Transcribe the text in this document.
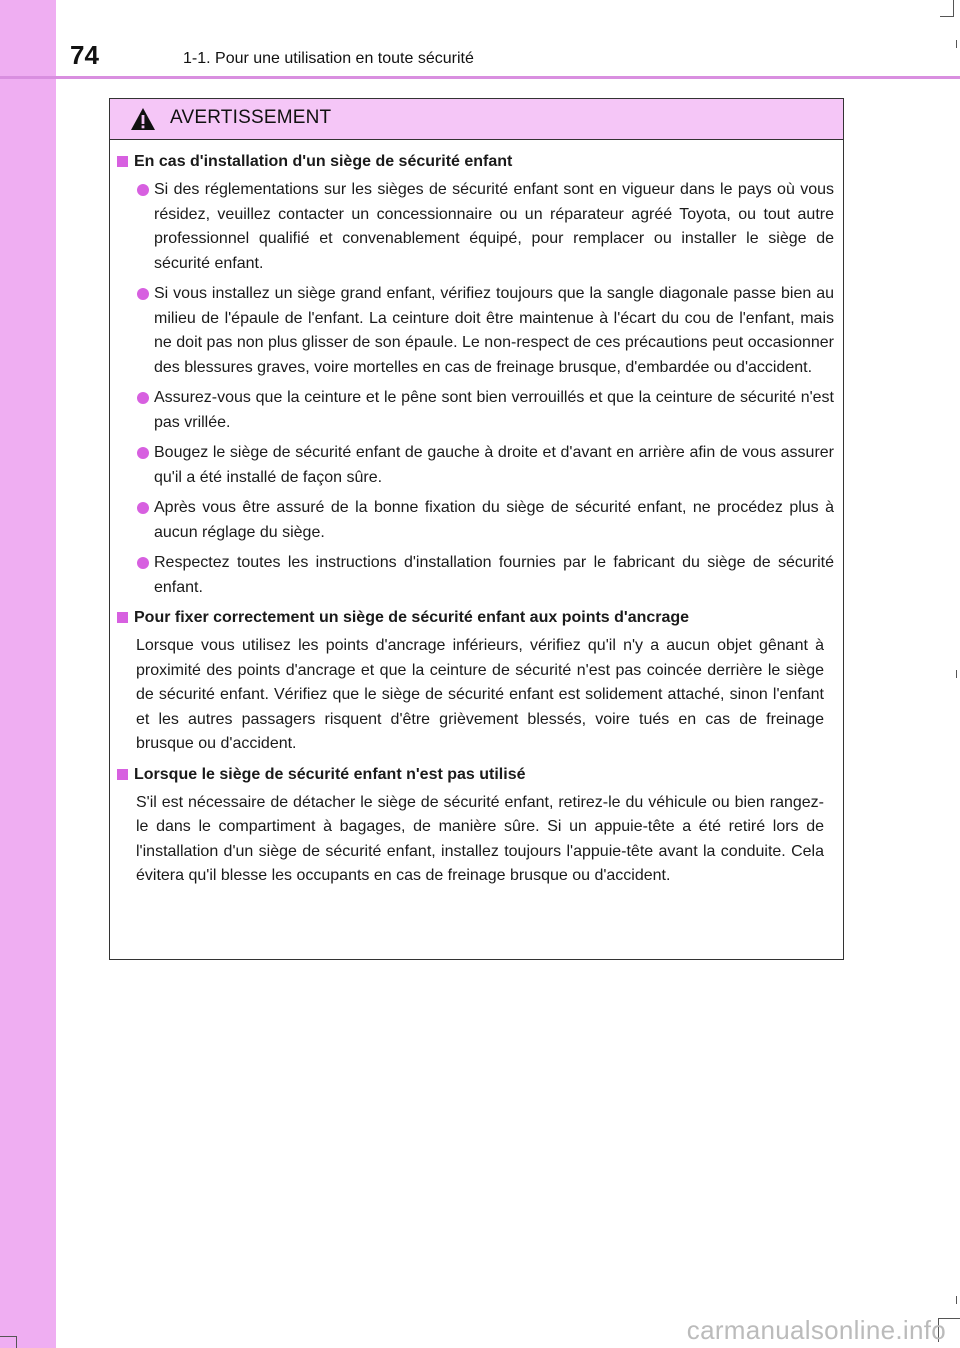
74	1-1. Pour une utilisation en toute sécurité
AVERTISSEMENT
En cas d'installation d'un siège de sécurité enfant
Si des réglementations sur les sièges de sécurité enfant sont en vigueur dans le pays où vous résidez, veuillez contacter un concessionnaire ou un réparateur agréé Toyota, ou tout autre professionnel qualifié et convenablement équipé, pour remplacer ou installer le siège de sécurité enfant.
Si vous installez un siège grand enfant, vérifiez toujours que la sangle diagonale passe bien au milieu de l'épaule de l'enfant. La ceinture doit être maintenue à l'écart du cou de l'enfant, mais ne doit pas non plus glisser de son épaule. Le non-respect de ces précautions peut occasionner des blessures graves, voire mortelles en cas de freinage brusque, d'embardée ou d'accident.
Assurez-vous que la ceinture et le pêne sont bien verrouillés et que la ceinture de sécurité n'est pas vrillée.
Bougez le siège de sécurité enfant de gauche à droite et d'avant en arrière afin de vous assurer qu'il a été installé de façon sûre.
Après vous être assuré de la bonne fixation du siège de sécurité enfant, ne procédez plus à aucun réglage du siège.
Respectez toutes les instructions d'installation fournies par le fabricant du siège de sécurité enfant.
Pour fixer correctement un siège de sécurité enfant aux points d'ancrage
Lorsque vous utilisez les points d'ancrage inférieurs, vérifiez qu'il n'y a aucun objet gênant à proximité des points d'ancrage et que la ceinture de sécurité n'est pas coincée derrière le siège de sécurité enfant. Vérifiez que le siège de sécurité enfant est solidement attaché, sinon l'enfant et les autres passagers risquent d'être grièvement blessés, voire tués en cas de freinage brusque ou d'accident.
Lorsque le siège de sécurité enfant n'est pas utilisé
S'il est nécessaire de détacher le siège de sécurité enfant, retirez-le du véhicule ou bien rangez-le dans le compartiment à bagages, de manière sûre. Si un appuie-tête a été retiré lors de l'installation d'un siège de sécurité enfant, installez toujours l'appuie-tête avant la conduite. Cela évitera qu'il blesse les occupants en cas de freinage brusque ou d'accident.
carmanualsonline.info
